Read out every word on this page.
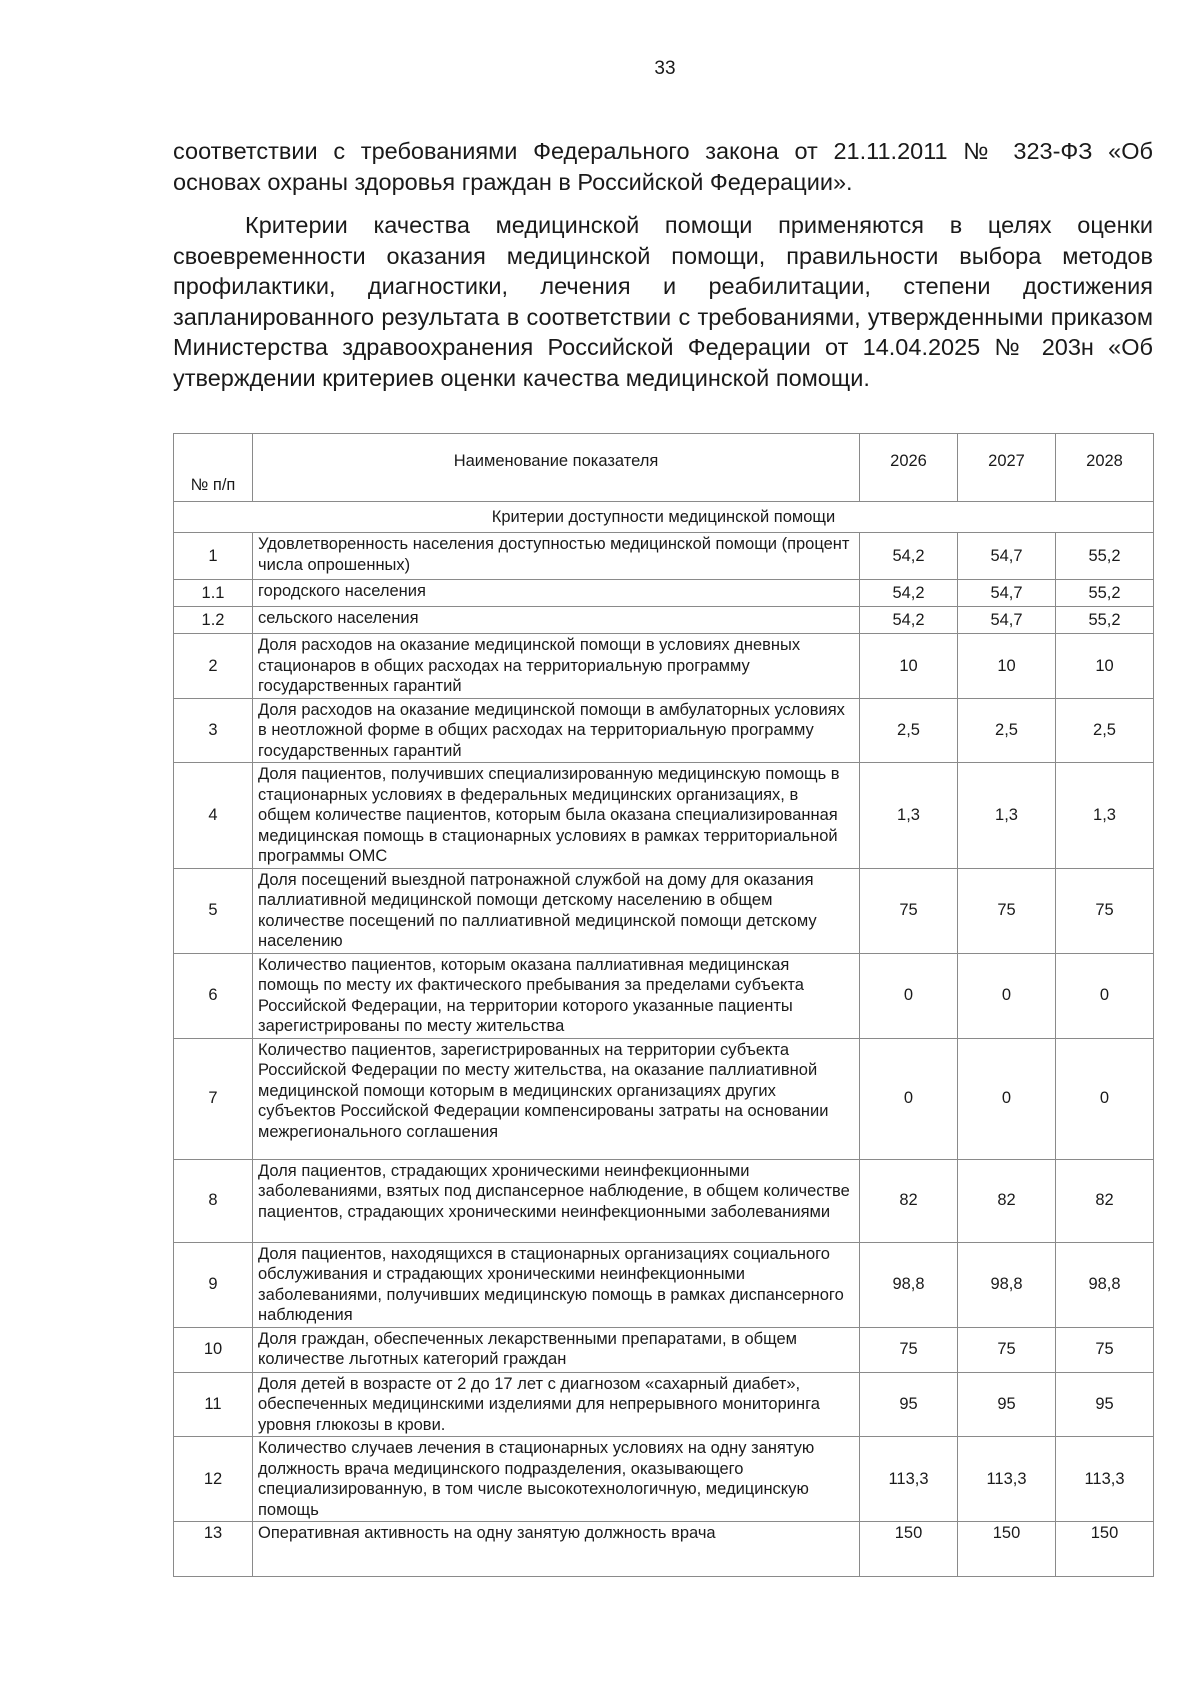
33

соответствии с требованиями Федерального закона от 21.11.2011 № 323-ФЗ «Об основах охраны здоровья граждан в Российской Федерации».

Критерии качества медицинской помощи применяются в целях оценки своевременности оказания медицинской помощи, правильности выбора методов профилактики, диагностики, лечения и реабилитации, степени достижения запланированного результата в соответствии с требованиями, утвержденными приказом Министерства здравоохранения Российской Федерации от 14.04.2025 № 203н «Об утверждении критериев оценки качества медицинской помощи.

№ п/п	Наименование показателя	2026	2027	2028
Критерии доступности медицинской помощи				
1	Удовлетворенность населения доступностью медицинской помощи (процент числа опрошенных)	54,2	54,7	55,2
1.1	городского населения	54,2	54,7	55,2
1.2	сельского населения	54,2	54,7	55,2
2	Доля расходов на оказание медицинской помощи в условиях дневных стационаров в общих расходах на территориальную программу государственных гарантий	10	10	10
3	Доля расходов на оказание медицинской помощи в амбулаторных условиях в неотложной форме в общих расходах на территориальную программу государственных гарантий	2,5	2,5	2,5
4	Доля пациентов, получивших специализированную медицинскую помощь в стационарных условиях в федеральных медицинских организациях, в общем количестве пациентов, которым была оказана специализированная медицинская помощь в стационарных условиях в рамках территориальной программы ОМС	1,3	1,3	1,3
5	Доля посещений выездной патронажной службой на дому для оказания паллиативной медицинской помощи детскому населению в общем количестве посещений по паллиативной медицинской помощи детскому населению	75	75	75
6	Количество пациентов, которым оказана паллиативная медицинская помощь по месту их фактического пребывания за пределами субъекта Российской Федерации, на территории которого указанные пациенты зарегистрированы по месту жительства	0	0	0
7	Количество пациентов, зарегистрированных на территории субъекта Российской Федерации по месту жительства, на оказание паллиативной медицинской помощи которым в медицинских организациях других субъектов Российской Федерации компенсированы затраты на основании межрегионального соглашения	0	0	0
8	Доля пациентов, страдающих хроническими неинфекционными заболеваниями, взятых под диспансерное наблюдение, в общем количестве пациентов, страдающих хроническими неинфекционными заболеваниями	82	82	82
9	Доля пациентов, находящихся в стационарных организациях социального обслуживания и страдающих хроническими неинфекционными заболеваниями, получивших медицинскую помощь в рамках диспансерного наблюдения	98,8	98,8	98,8
10	Доля граждан, обеспеченных лекарственными препаратами, в общем количестве льготных категорий граждан	75	75	75
11	Доля детей в возрасте от 2 до 17 лет с диагнозом «сахарный диабет», обеспеченных медицинскими изделиями для непрерывного мониторинга уровня глюкозы в крови.	95	95	95
12	Количество случаев лечения в стационарных условиях на одну занятую должность врача медицинского подразделения, оказывающего специализированную, в том числе высокотехнологичную, медицинскую помощь	113,3	113,3	113,3
13	Оперативная активность на одну занятую должность врача	150	150	150
